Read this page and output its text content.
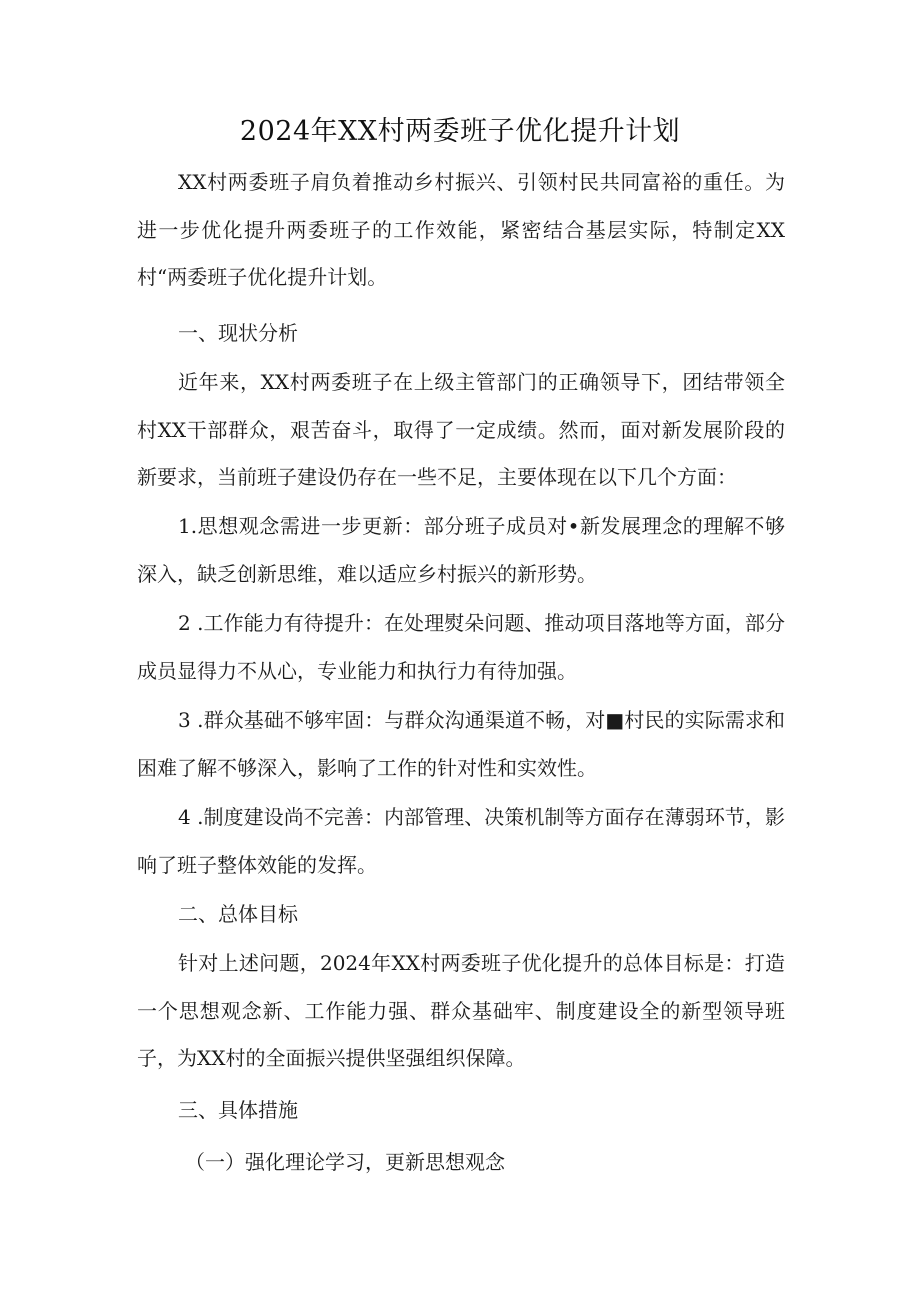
2024年XX村两委班子优化提升计划
XX村两委班子肩负着推动乡村振兴、引领村民共同富裕的重任。为进一步优化提升两委班子的工作效能，紧密结合基层实际，特制定XX村“两委班子优化提升计划。
一、现状分析
近年来，XX村两委班子在上级主管部门的正确领导下，团结带领全村XX干部群众，艰苦奋斗，取得了一定成绩。然而，面对新发展阶段的新要求，当前班子建设仍存在一些不足，主要体现在以下几个方面：
1.思想观念需进一步更新：部分班子成员对•新发展理念的理解不够深入，缺乏创新思维，难以适应乡村振兴的新形势。
2 .工作能力有待提升：在处理熨朵问题、推动项目落地等方面，部分成员显得力不从心，专业能力和执行力有待加强。
3 .群众基础不够牢固：与群众沟通渠道不畅，对■村民的实际需求和困难了解不够深入，影响了工作的针对性和实效性。
4 .制度建设尚不完善：内部管理、决策机制等方面存在薄弱环节，影响了班子整体效能的发挥。
二、总体目标
针对上述问题，2024年XX村两委班子优化提升的总体目标是：打造一个思想观念新、工作能力强、群众基础牢、制度建设全的新型领导班子，为XX村的全面振兴提供坚强组织保障。
三、具体措施
（一）强化理论学习，更新思想观念
